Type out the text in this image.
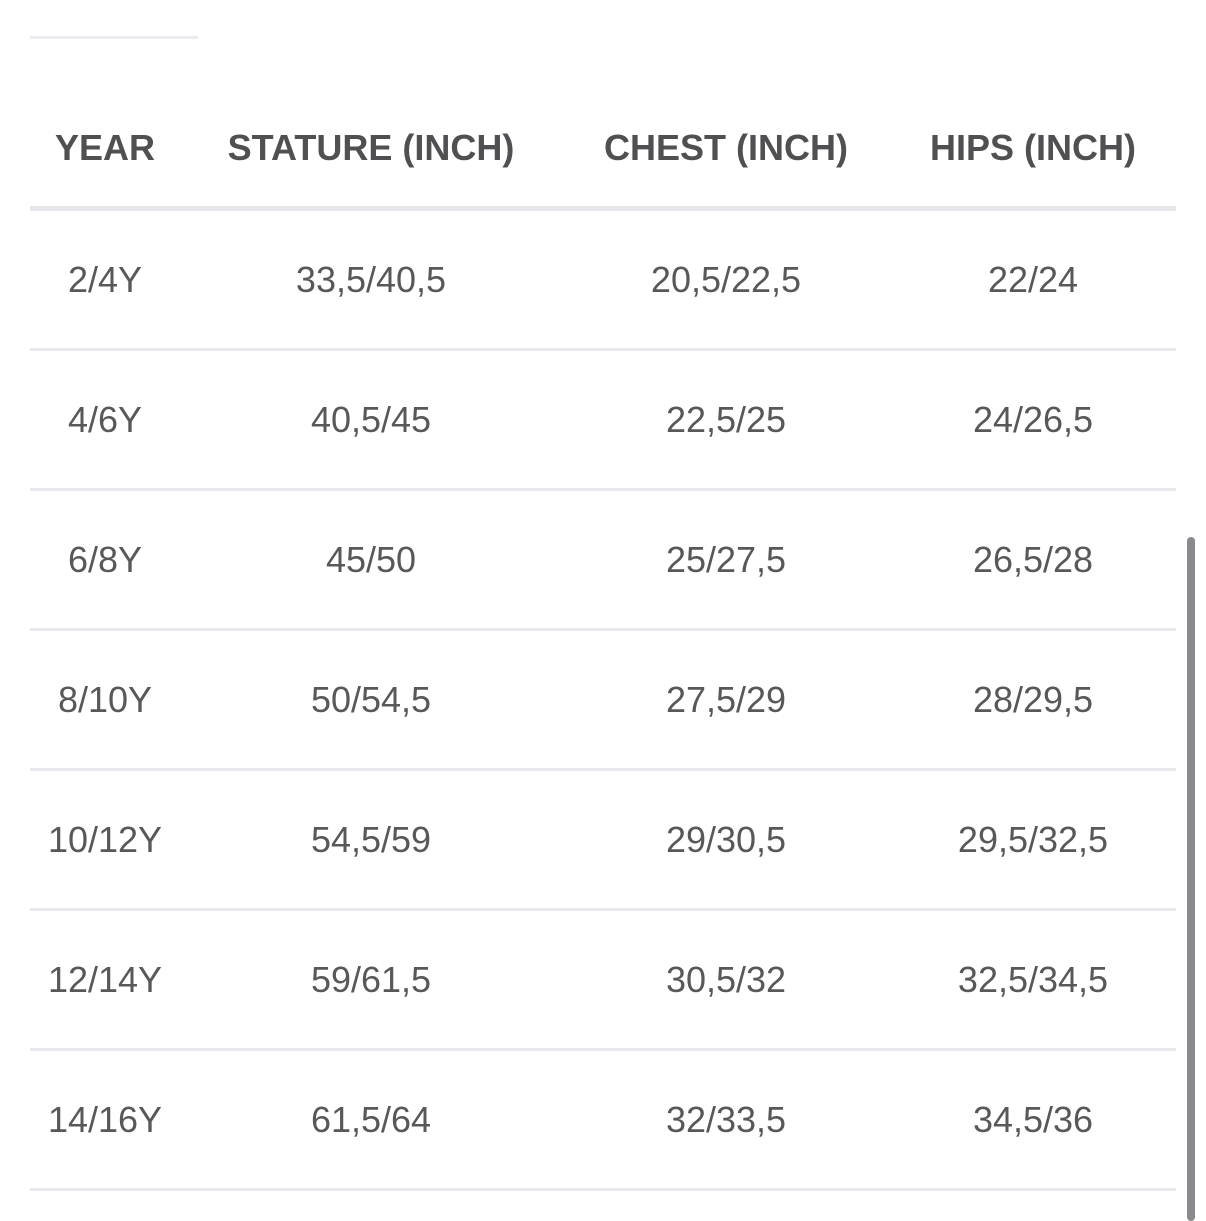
YEAR	STATURE (INCH)	CHEST (INCH)	HIPS (INCH)
2/4Y	33,5/40,5	20,5/22,5	22/24
4/6Y	40,5/45	22,5/25	24/26,5
6/8Y	45/50	25/27,5	26,5/28
8/10Y	50/54,5	27,5/29	28/29,5
10/12Y	54,5/59	29/30,5	29,5/32,5
12/14Y	59/61,5	30,5/32	32,5/34,5
14/16Y	61,5/64	32/33,5	34,5/36
